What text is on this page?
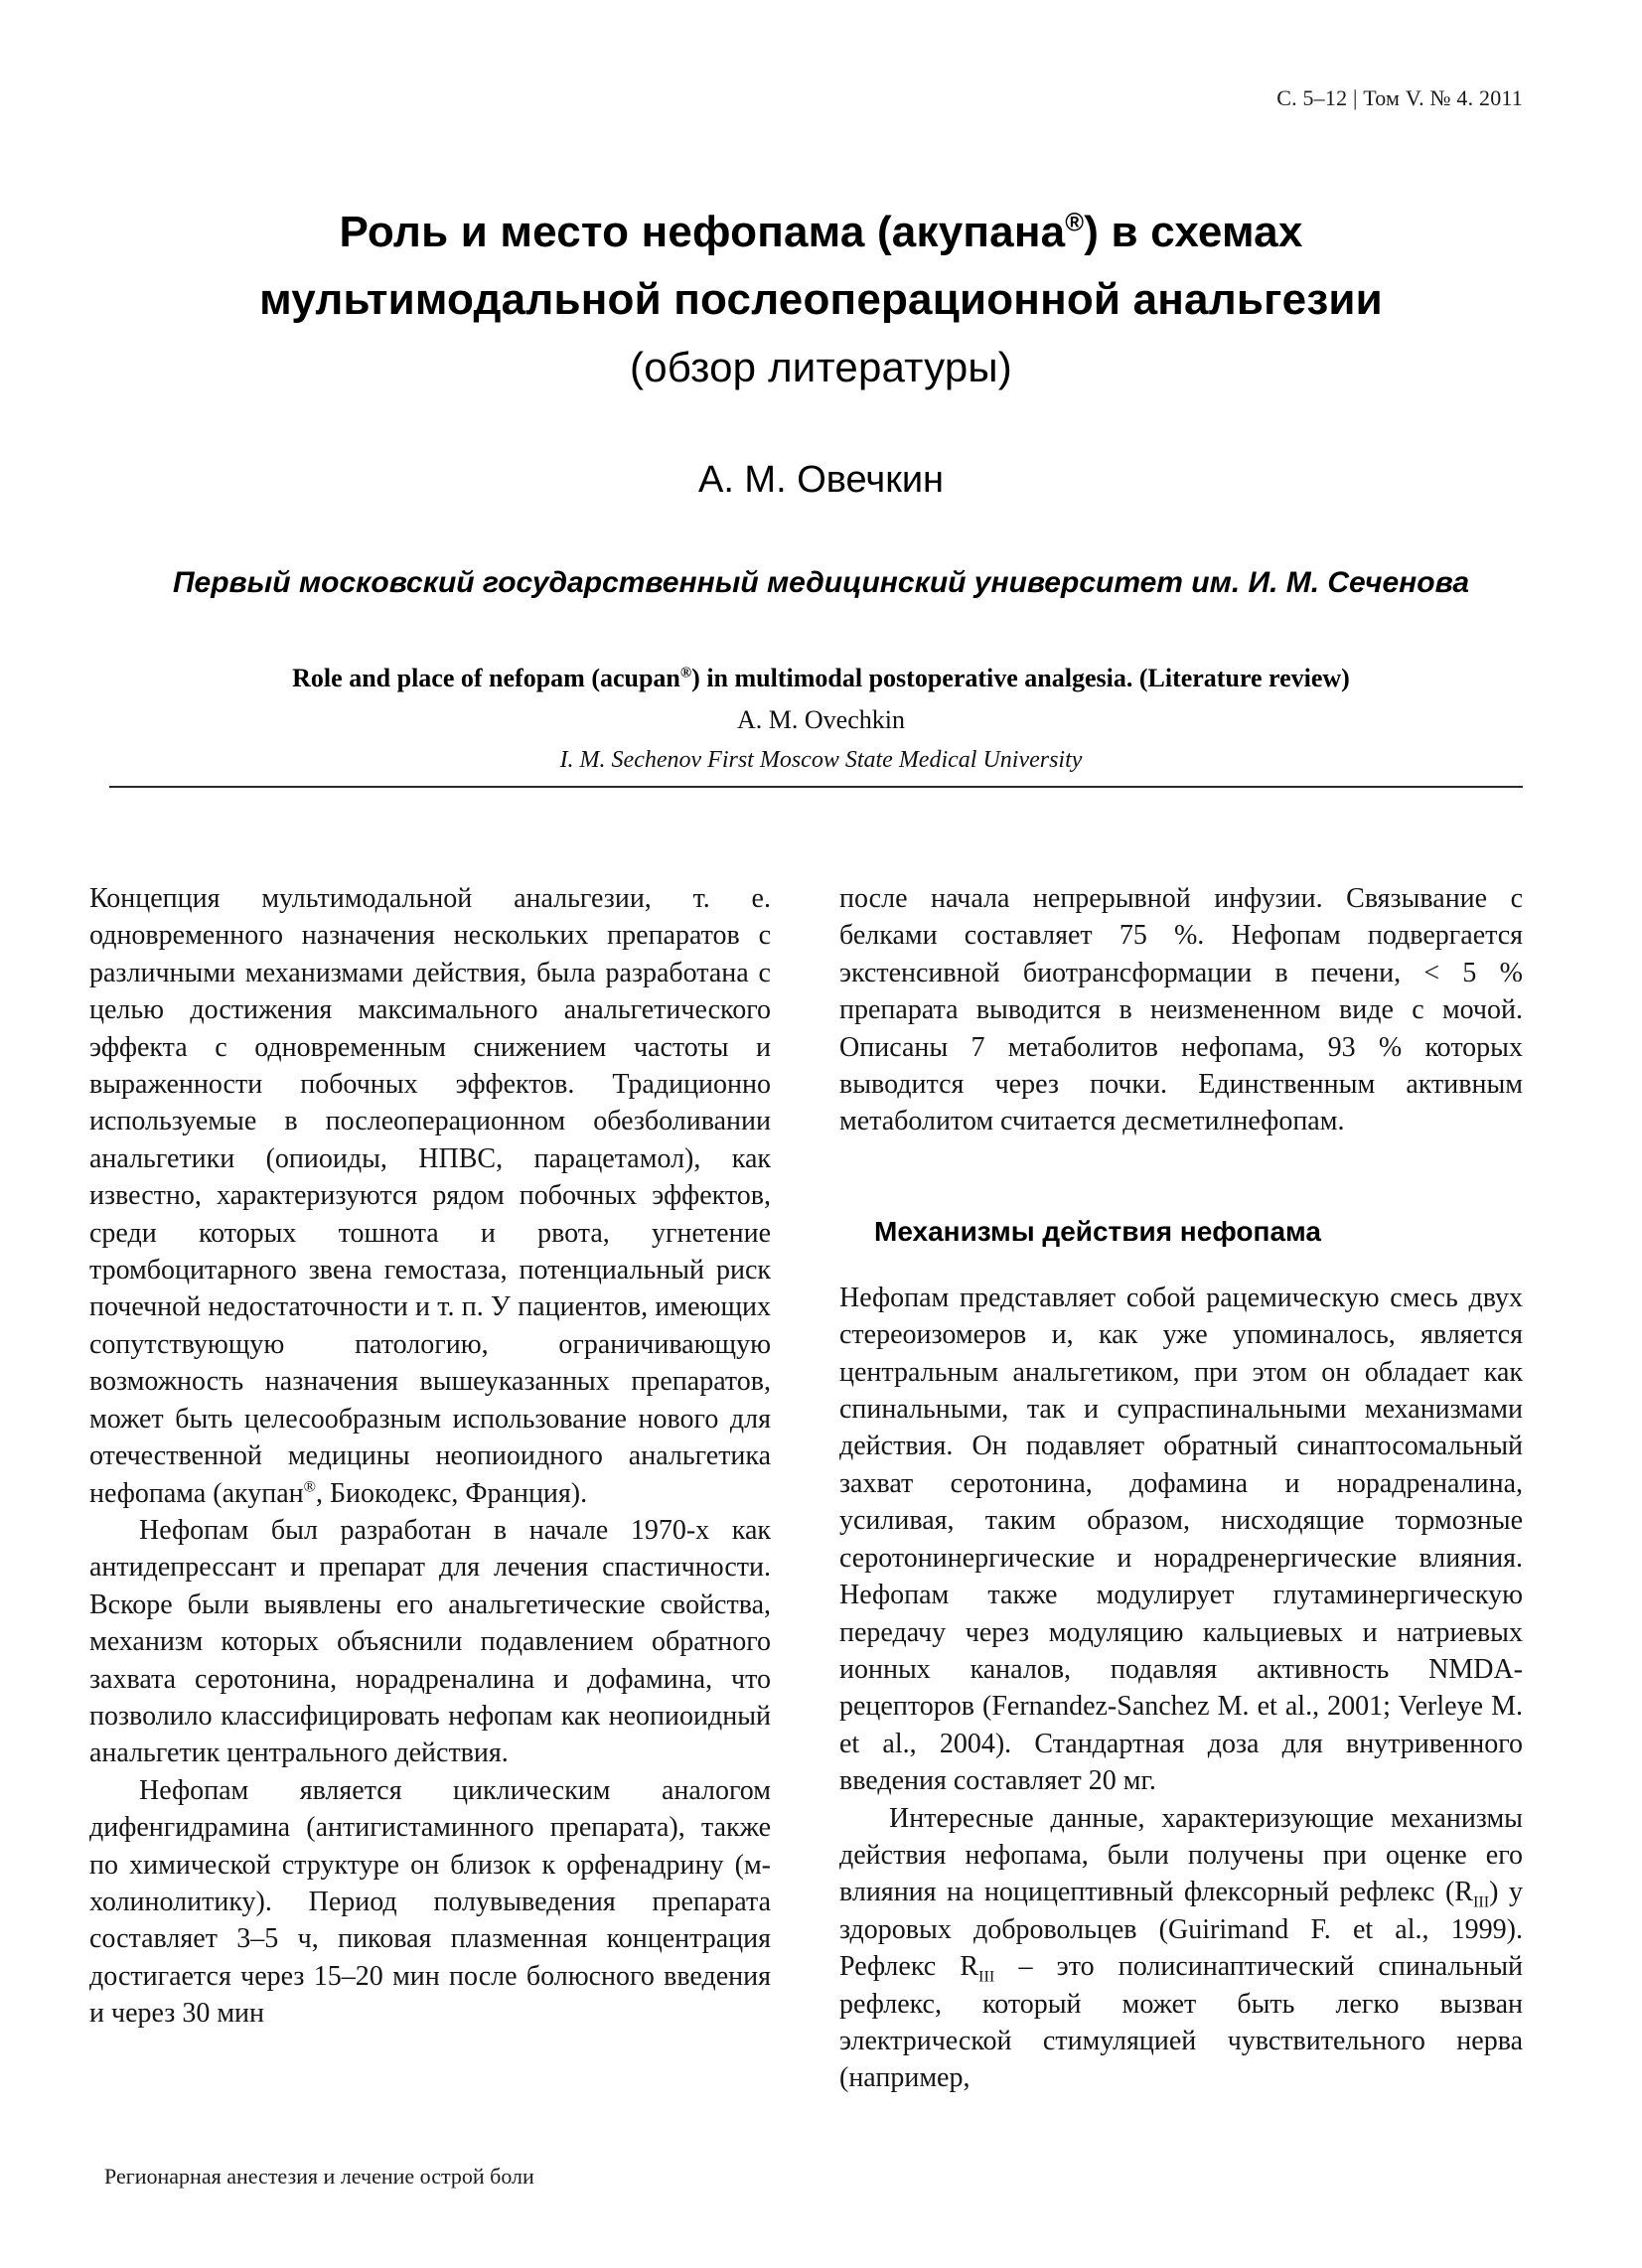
С. 5–12 | Том V. № 4. 2011
Роль и место нефопама (акупана®) в схемах
мультимодальной послеоперационной анальгезии
(обзор литературы)
А. М. Овечкин
Первый московский государственный медицинский университет им. И. М. Сеченова
Role and place of nefopam (acupan®) in multimodal postoperative analgesia. (Literature review)
A. M. Ovechkin
I. M. Sechenov First Moscow State Medical University

Концепция мультимодальной анальгезии, т. е. одновременного назначения нескольких препаратов с различными механизмами действия, была разработана с целью достижения максимального анальгетического эффекта с одновременным снижением частоты и выраженности побочных эффектов. Традиционно используемые в послеоперационном обезболивании анальгетики (опиоиды, НПВС, парацетамол), как известно, характеризуются рядом побочных эффектов, среди которых тошнота и рвота, угнетение тромбоцитарного звена гемостаза, потенциальный риск почечной недостаточности и т. п. У пациентов, имеющих сопутствующую патологию, ограничивающую возможность назначения вышеуказанных препаратов, может быть целесообразным использование нового для отечественной медицины неопиоидного анальгетика нефопама (акупан®, Биокодекс, Франция).

Нефопам был разработан в начале 1970-х как антидепрессант и препарат для лечения спастичности. Вскоре были выявлены его анальгетические свойства, механизм которых объяснили подавлением обратного захвата серотонина, норадреналина и дофамина, что позволило классифицировать нефопам как неопиоидный анальгетик центрального действия.

Нефопам является циклическим аналогом дифенгидрамина (антигистаминного препарата), также по химической структуре он близок к орфенадрину (м-холинолитику). Период полувыведения препарата составляет 3–5 ч, пиковая плазменная концентрация достигается через 15–20 мин после болюсного введения и через 30 мин

после начала непрерывной инфузии. Связывание с белками составляет 75 %. Нефопам подвергается экстенсивной биотрансформации в печени, < 5 % препарата выводится в неизмененном виде с мочой. Описаны 7 метаболитов нефопама, 93 % которых выводится через почки. Единственным активным метаболитом считается десметилнефопам.

Механизмы действия нефопама

Нефопам представляет собой рацемическую смесь двух стереоизомеров и, как уже упоминалось, является центральным анальгетиком, при этом он обладает как спинальными, так и супраспинальными механизмами действия. Он подавляет обратный синаптосомальный захват серотонина, дофамина и норадреналина, усиливая, таким образом, нисходящие тормозные серотонинергические и норадренергические влияния. Нефопам также модулирует глутаминергическую передачу через модуляцию кальциевых и натриевых ионных каналов, подавляя активность NMDA-рецепторов (Fernandez-Sanchez M. et al., 2001; Verleye M. et al., 2004). Стандартная доза для внутривенного введения составляет 20 мг.

Интересные данные, характеризующие механизмы действия нефопама, были получены при оценке его влияния на ноцицептивный флексорный рефлекс $(R_{III})$ у здоровых добровольцев (Guirimand F. et al., 1999). Рефлекс $R_{III}$ – это полисинаптический спинальный рефлекс, который может быть легко вызван электрической стимуляцией чувствительного нерва (например,

Регионарная анестезия и лечение острой боли
